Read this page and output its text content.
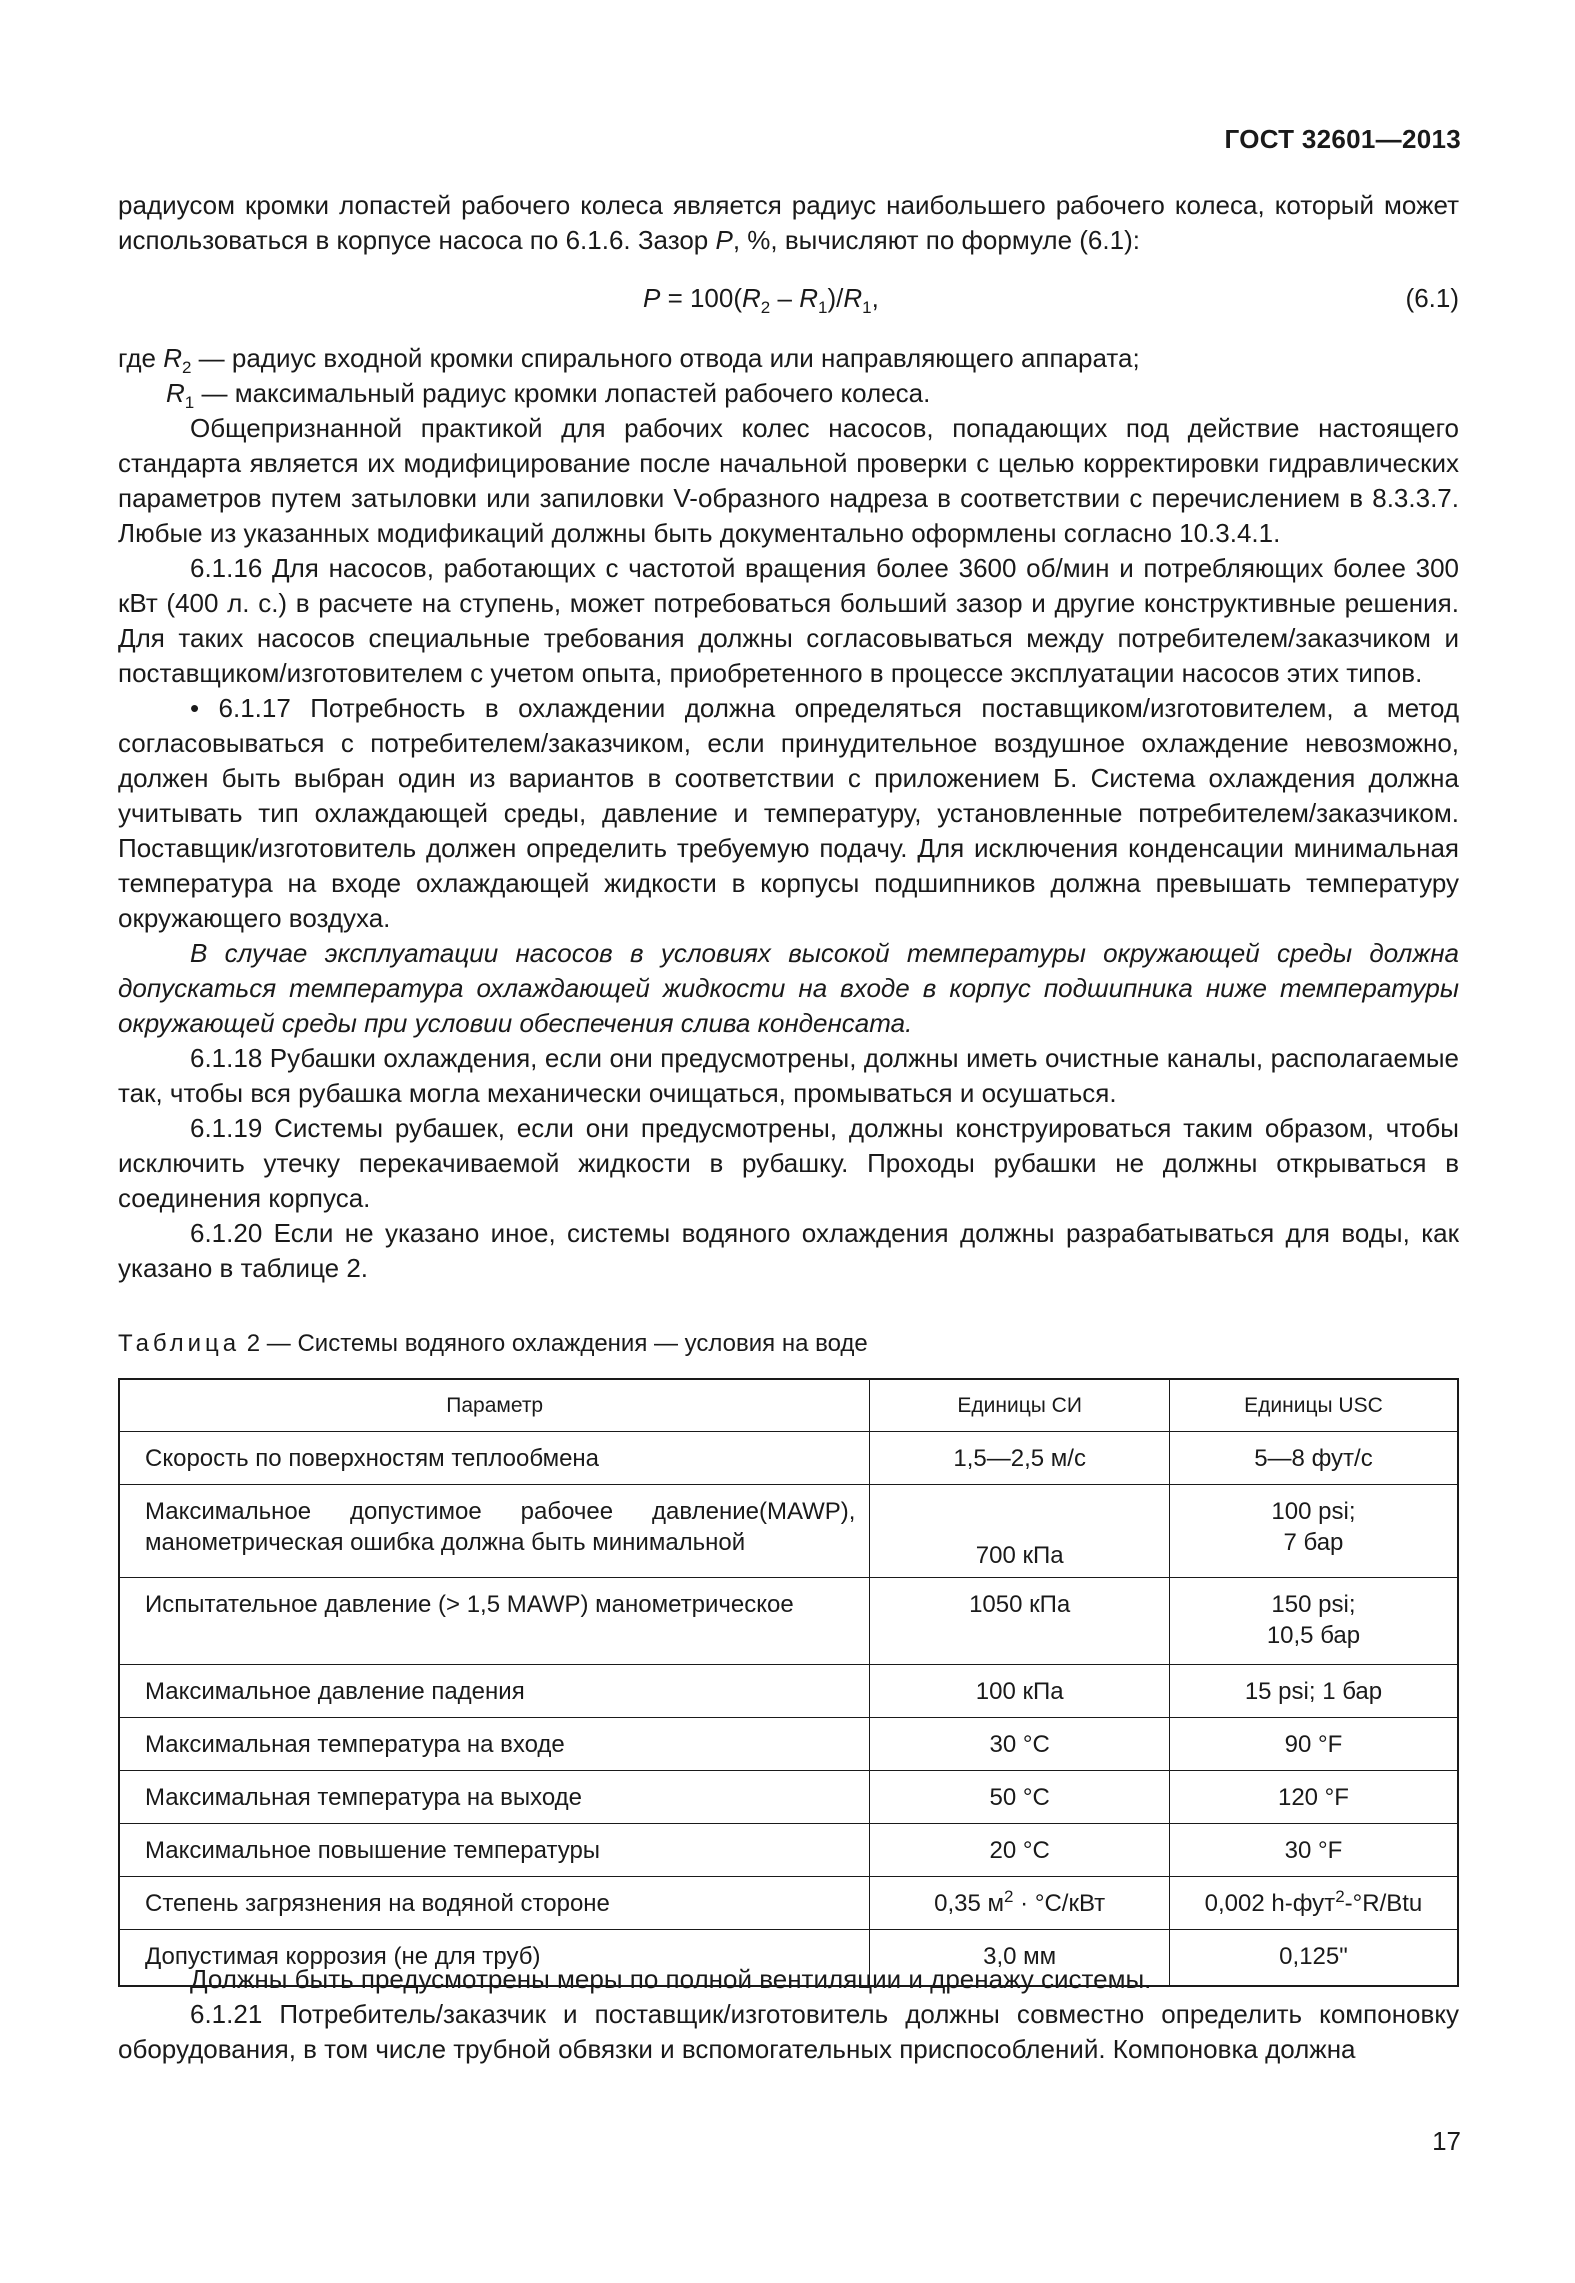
ГОСТ 32601—2013

радиусом кромки лопастей рабочего колеса является радиус наибольшего рабочего колеса, который может использоваться в корпусе насоса по 6.1.6. Зазор P, %, вычисляют по формуле (6.1):

$P = 100(R_2 - R_1)/R_1$,	(6.1)

где $R_2$ — радиус входной кромки спирального отвода или направляющего аппарата;

$R_1$ — максимальный радиус кромки лопастей рабочего колеса.

Общепризнанной практикой для рабочих колес насосов, попадающих под действие настоящего стандарта является их модифицирование после начальной проверки с целью корректировки гидравлических параметров путем затыловки или запиловки V-образного надреза в соответствии с перечислением в 8.3.3.7. Любые из указанных модификаций должны быть документально оформлены согласно 10.3.4.1.

6.1.16 Для насосов, работающих с частотой вращения более 3600 об/мин и потребляющих более 300 кВт (400 л. с.) в расчете на ступень, может потребоваться больший зазор и другие конструктивные решения. Для таких насосов специальные требования должны согласовываться между потребителем/заказчиком и поставщиком/изготовителем с учетом опыта, приобретенного в процессе эксплуатации насосов этих типов.

• 6.1.17 Потребность в охлаждении должна определяться поставщиком/изготовителем, а метод согласовываться с потребителем/заказчиком, если принудительное воздушное охлаждение невозможно, должен быть выбран один из вариантов в соответствии с приложением Б. Система охлаждения должна учитывать тип охлаждающей среды, давление и температуру, установленные потребителем/заказчиком. Поставщик/изготовитель должен определить требуемую подачу. Для исключения конденсации минимальная температура на входе охлаждающей жидкости в корпусы подшипников должна превышать температуру окружающего воздуха.

В случае эксплуатации насосов в условиях высокой температуры окружающей среды должна допускаться температура охлаждающей жидкости на входе в корпус подшипника ниже температуры окружающей среды при условии обеспечения слива конденсата.

6.1.18 Рубашки охлаждения, если они предусмотрены, должны иметь очистные каналы, располагаемые так, чтобы вся рубашка могла механически очищаться, промываться и осушаться.

6.1.19 Системы рубашек, если они предусмотрены, должны конструироваться таким образом, чтобы исключить утечку перекачиваемой жидкости в рубашку. Проходы рубашки не должны открываться в соединения корпуса.

6.1.20 Если не указано иное, системы водяного охлаждения должны разрабатываться для воды, как указано в таблице 2.

Таблица 2 — Системы водяного охлаждения — условия на воде
Параметр	Единицы СИ	Единицы USC
Скорость по поверхностям теплообмена	1,5—2,5 м/с	5—8 фут/с
Максимальное допустимое рабочее давление(MAWP), манометрическая ошибка должна быть минимальной	700 кПа	100 psi;
7 бар

Испытательное давление (> 1,5 MAWP) манометрическое	1050 кПа	150 psi;
10,5 бар

Максимальное давление падения	100 кПа	15 psi; 1 бар
Максимальная температура на входе	30 °С	90 °F
Максимальная температура на выходе	50 °С	120 °F
Максимальное повышение температуры	20 °С	30 °F
Степень загрязнения на водяной стороне	0,35 $м^2 \cdot ^\circ С/кВт$	0,002 h-фут$^2$-°R/Btu
Допустимая коррозия (не для труб)	3,0 мм	0,125"

Должны быть предусмотрены меры по полной вентиляции и дренажу системы.

6.1.21 Потребитель/заказчик и поставщик/изготовитель должны совместно определить компоновку оборудования, в том числе трубной обвязки и вспомогательных приспособлений. Компоновка должна

17
